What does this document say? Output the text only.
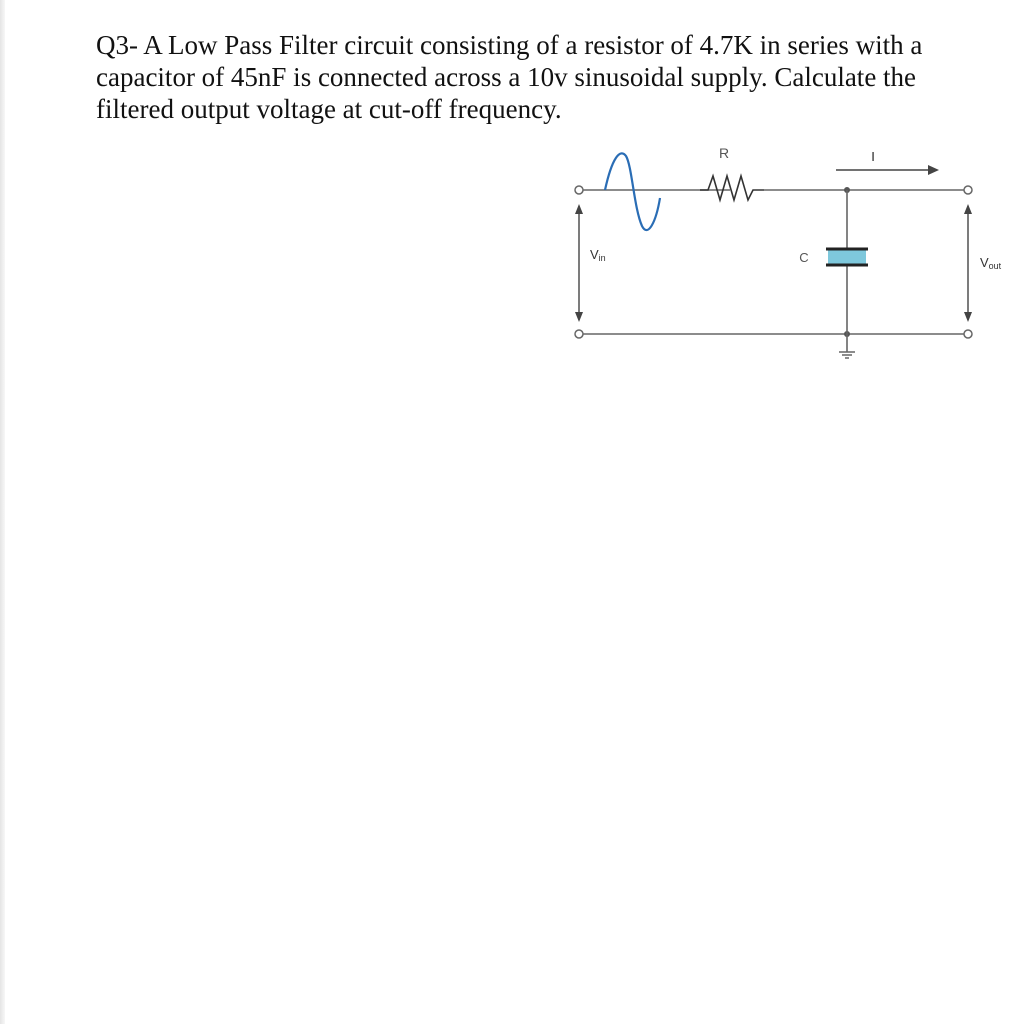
Q3- A Low Pass Filter circuit consisting of a resistor of 4.7K in series with a
capacitor of 45nF is connected across a 10v sinusoidal supply. Calculate the
filtered output voltage at cut-off frequency.

R	I
C
Vin	Vout
